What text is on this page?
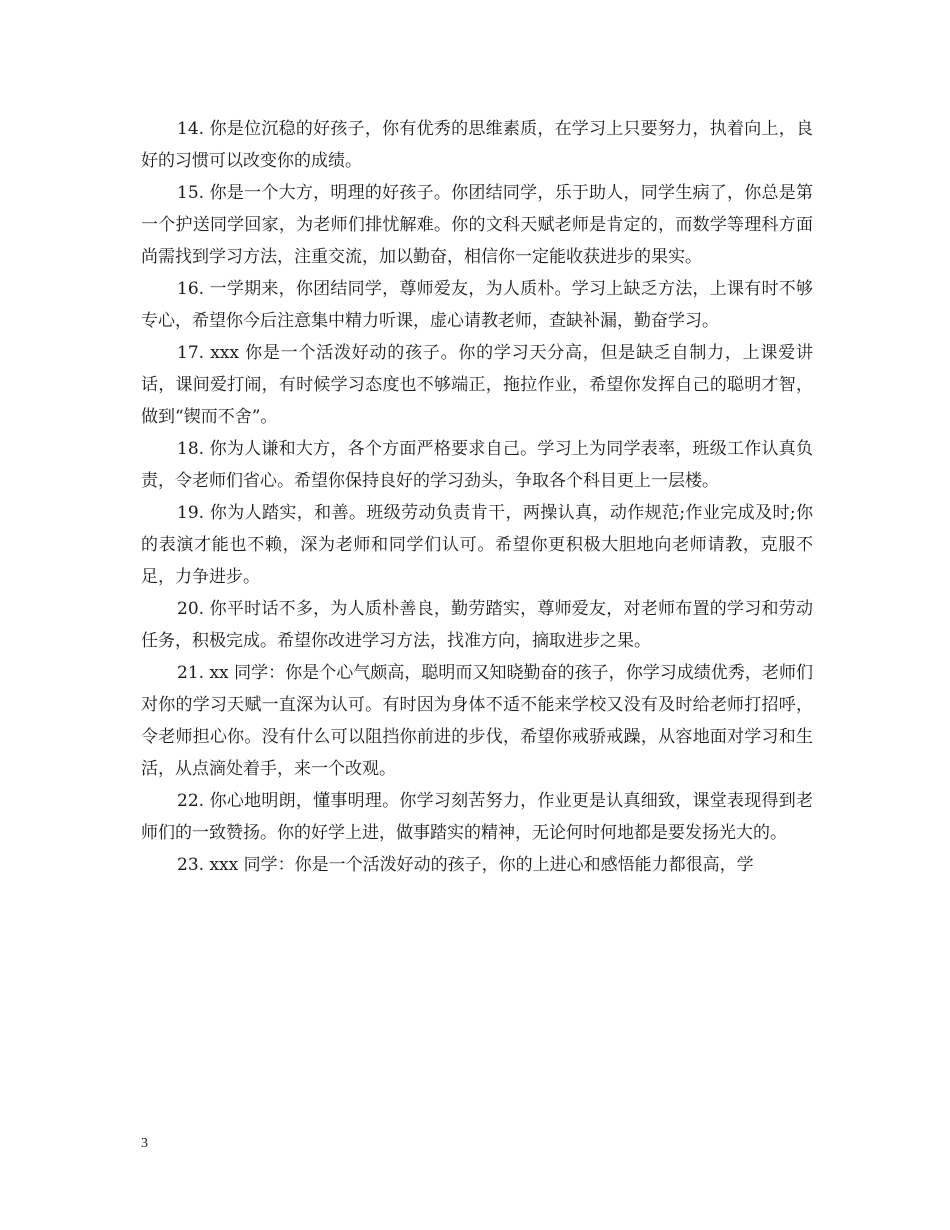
14. 你是位沉稳的好孩子，你有优秀的思维素质，在学习上只要努力，执着向上，良好的习惯可以改变你的成绩。

15. 你是一个大方，明理的好孩子。你团结同学，乐于助人，同学生病了，你总是第一个护送同学回家，为老师们排忧解难。你的文科天赋老师是肯定的，而数学等理科方面尚需找到学习方法，注重交流，加以勤奋，相信你一定能收获进步的果实。

16. 一学期来，你团结同学，尊师爱友，为人质朴。学习上缺乏方法，上课有时不够专心，希望你今后注意集中精力听课，虚心请教老师，查缺补漏，勤奋学习。

17. xxx 你是一个活泼好动的孩子。你的学习天分高，但是缺乏自制力，上课爱讲话，课间爱打闹，有时候学习态度也不够端正，拖拉作业，希望你发挥自己的聪明才智，做到“锲而不舍”。

18. 你为人谦和大方，各个方面严格要求自己。学习上为同学表率，班级工作认真负责，令老师们省心。希望你保持良好的学习劲头，争取各个科目更上一层楼。

19. 你为人踏实，和善。班级劳动负责肯干，两操认真，动作规范;作业完成及时;你的表演才能也不赖，深为老师和同学们认可。希望你更积极大胆地向老师请教，克服不足，力争进步。

20. 你平时话不多，为人质朴善良，勤劳踏实，尊师爱友，对老师布置的学习和劳动任务，积极完成。希望你改进学习方法，找准方向，摘取进步之果。

21. xx 同学：你是个心气颇高，聪明而又知晓勤奋的孩子，你学习成绩优秀，老师们对你的学习天赋一直深为认可。有时因为身体不适不能来学校又没有及时给老师打招呼，令老师担心你。没有什么可以阻挡你前进的步伐，希望你戒骄戒躁，从容地面对学习和生活，从点滴处着手，来一个改观。

22. 你心地明朗，懂事明理。你学习刻苦努力，作业更是认真细致，课堂表现得到老师们的一致赞扬。你的好学上进，做事踏实的精神，无论何时何地都是要发扬光大的。

23. xxx 同学：你是一个活泼好动的孩子，你的上进心和感悟能力都很高，学

3
